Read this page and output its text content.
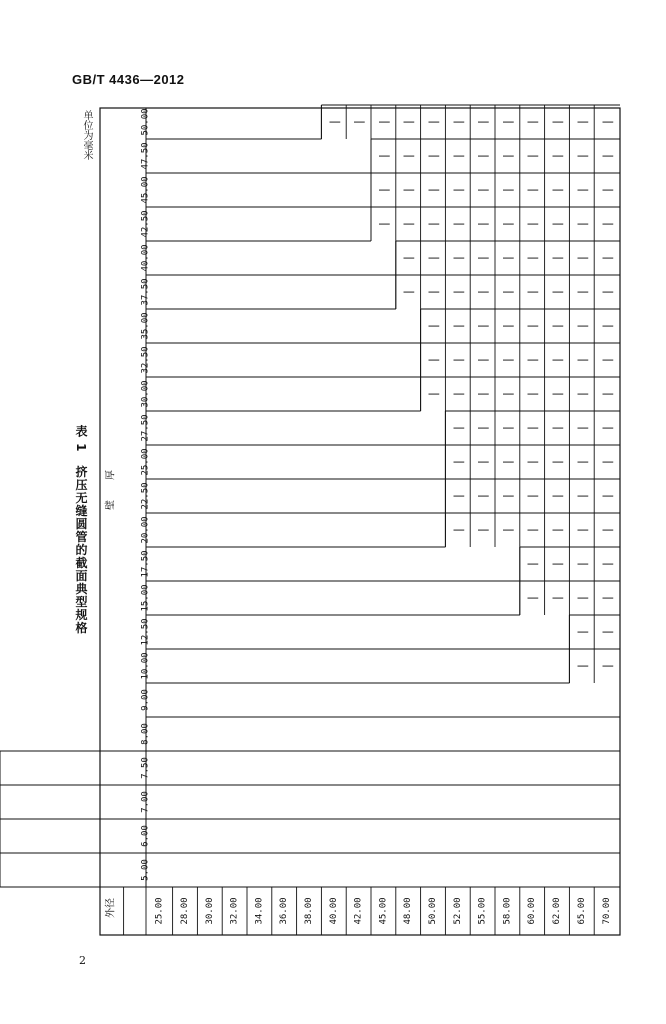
GB/T 4436—2012
表 1　挤压无缝圆管的截面典型规格
单位为毫米
2
| |
| |
| | | |
| | | |
| | | | | | |
| | | | | | |
| | | | | | |
| | | | | | |
| | | | | | | |
| | | | | | | |
| | | | | | | |
| | | | | | | | |
| | | | | | | | |
| | | | | | | | | |
| | | | | | | | | |
| | | | | | | | | |
| | | | | | | | | | | |
5.00
6.00
7.00
7.50
8.00
9.00
10.00
12.50
15.00
17.50
20.00
22.50
25.00
27.50
30.00
32.50
35.00
37.50
40.00
42.50
45.00
47.50
50.00
25.00 28.00 30.00 32.00 34.00 36.00 38.00 40.00 42.00 45.00 48.00 50.00 52.00 55.00 58.00 60.00 62.00 65.00 70.00
外径
壁　　厚
